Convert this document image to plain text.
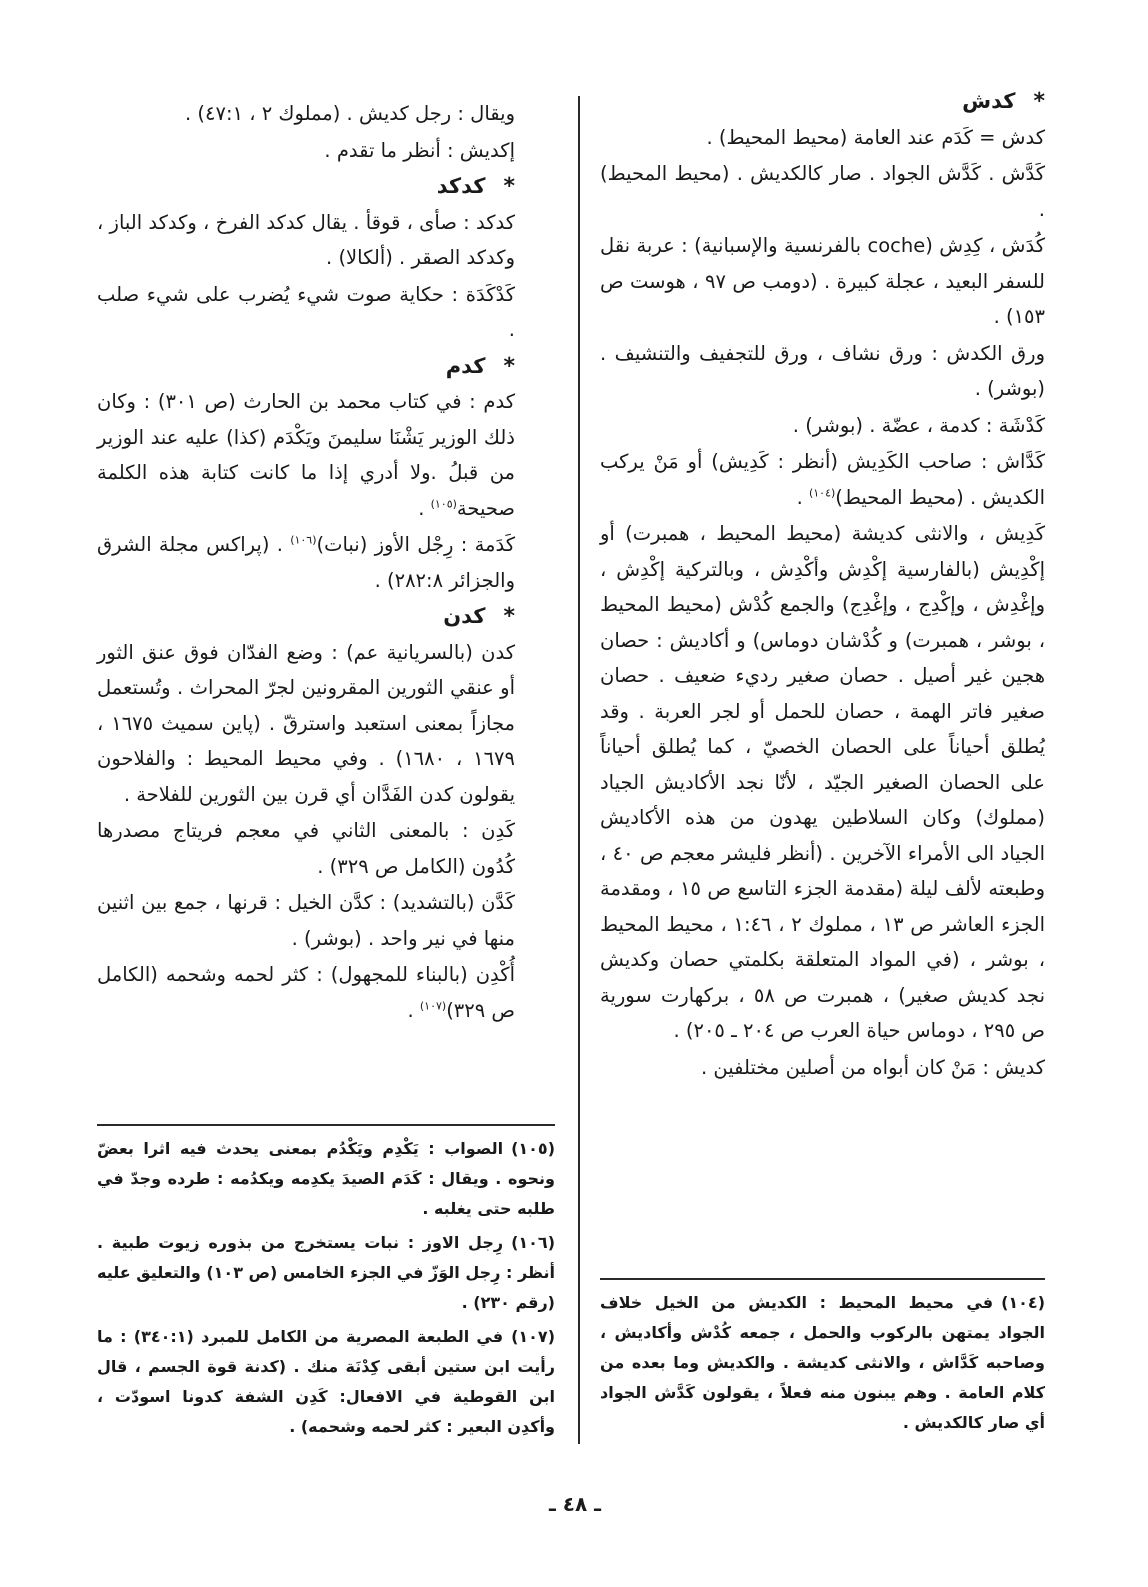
*
كدش

كدش = كَدَم عند العامة (محيط المحيط) .

كَدَّش . كَدَّش الجواد . صار كالكديش . (محيط المحيط) .

كُدَش ، كِدِش (coche بالفرنسية والإسبانية) : عربة نقل للسفر البعيد ، عجلة كبيرة . (دومب ص ٩٧ ، هوست ص ١٥٣) .

ورق الكدش : ورق نشاف ، ورق للتجفيف والتنشيف . (بوشر) .

كَدْشَة : كدمة ، عضّة . (بوشر) .

كَدَّاش : صاحب الكَدِيش (أنظر : كَدِيش) أو مَنْ يركب الكديش . (محيط المحيط)$^{(١٠٤)}$ .

كَدِيش ، والانثى كديشة (محيط المحيط ، همبرت) أو إكْدِيش (بالفارسية إكْدِش وأكْدِش ، وبالتركية إكْدِش ، وإغْدِش ، وإكْدِج ، وإغْدِج) والجمع كُدْش (محيط المحيط ، بوشر ، همبرت) و كُدْشان دوماس) و أكاديش : حصان هجين غير أصيل . حصان صغير رديء ضعيف . حصان صغير فاتر الهمة ، حصان للحمل أو لجر العربة . وقد يُطلق أحياناً على الحصان الخصيّ ، كما يُطلق أحياناً على الحصان الصغير الجيّد ، لأنّا نجد الأكاديش الجياد (مملوك) وكان السلاطين يهدون من هذه الأكاديش الجياد الى الأمراء الآخرين . (أنظر فليشر معجم ص ٤٠ ، وطبعته لألف ليلة (مقدمة الجزء التاسع ص ١٥ ، ومقدمة الجزء العاشر ص ١٣ ، مملوك ٢ ، ١:٤٦ ، محيط المحيط ، بوشر ، (في المواد المتعلقة بكلمتي حصان وكديش نجد كديش صغير) ، همبرت ص ٥٨ ، بركهارت سورية ص ٢٩٥ ، دوماس حياة العرب ص ٢٠٤ ـ ٢٠٥) .

كديش : مَنْ كان أبواه من أصلين مختلفين .

ويقال : رجل كديش . (مملوك ٢ ، ٤٧:١) .

إكديش : أنظر ما تقدم .

*
كدكد

كدكد : صأى ، قوقأ . يقال كدكد الفرخ ، وكدكد الباز ، وكدكد الصقر . (ألكالا) .

كَدْكَدَة : حكاية صوت شيء يُضرب على شيء صلب .

*
كدم

كدم : في كتاب محمد بن الحارث (ص ٣٠١) : وكان ذلك الوزير يَشْنَا سليمنَ ويَكْدَم (كذا) عليه عند الوزير من قبلُ .ولا أدري إذا ما كانت كتابة هذه الكلمة صحيحة$^{(١٠٥)}$ .

كَدَمة : رِجْل الأوز (نبات)$^{(١٠٦)}$ . (پراكس مجلة الشرق والجزائر ٢٨٢:٨) .

*
كدن

كدن (بالسريانية عم) : وضع الفدّان فوق عنق الثور أو عنقي الثورين المقرونين لجرّ المحراث . وتُستعمل مجازاً بمعنى استعبد واسترقّ . (پاين سميث ١٦٧٥ ، ١٦٧٩ ، ١٦٨٠) . وفي محيط المحيط : والفلاحون يقولون كدن الفَدَّان أي قرن بين الثورين للفلاحة .

كَدِن : بالمعنى الثاني في معجم فريتاج مصدرها كُدُون (الكامل ص ٣٢٩) .

كَدَّن (بالتشديد) : كدَّن الخيل : قرنها ، جمع بين اثنين منها في نير واحد . (بوشر) .

أُكْدِن (بالبناء للمجهول) : كثر لحمه وشحمه (الكامل ص ٣٢٩)$^{(١٠٧)}$ .

(١٠٥)الصواب : يَكْدِم ويَكْدُم بمعنى يحدث فيه اثرا بعضّ ونحوه . ويقال : كَدَم الصيدَ يكدِمه ويكدُمه : طرده وجدّ في طلبه حتى يغلبه .

(١٠٦)رِجل الاوز : نبات يستخرج من بذوره زيوت طبية . أنظر : رِجل الوَزّ في الجزء الخامس (ص ١٠٣) والتعليق عليه (رقم ٢٣٠) .

(١٠٧)في الطبعة المصرية من الكامل للمبرد (٣٤٠:١) : ما رأيت ابن ستين أبقى كِدْنَة منك . (كدنة قوة الجسم ، قال ابن القوطية في الافعال: كَدِن الشفة كدونا اسودّت ، وأكدِن البعير : كثر لحمه وشحمه) .

(١٠٤)في محيط المحيط : الكديش من الخيل خلاف الجواد يمتهن بالركوب والحمل ، جمعه كُدْش وأكاديش ، وصاحبه كَدَّاش ، والانثى كديشة . والكديش وما بعده من كلام العامة . وهم يبنون منه فعلاً ، يقولون كَدَّش الجواد أي صار كالكديش .

ـ ٤٨ ـ
